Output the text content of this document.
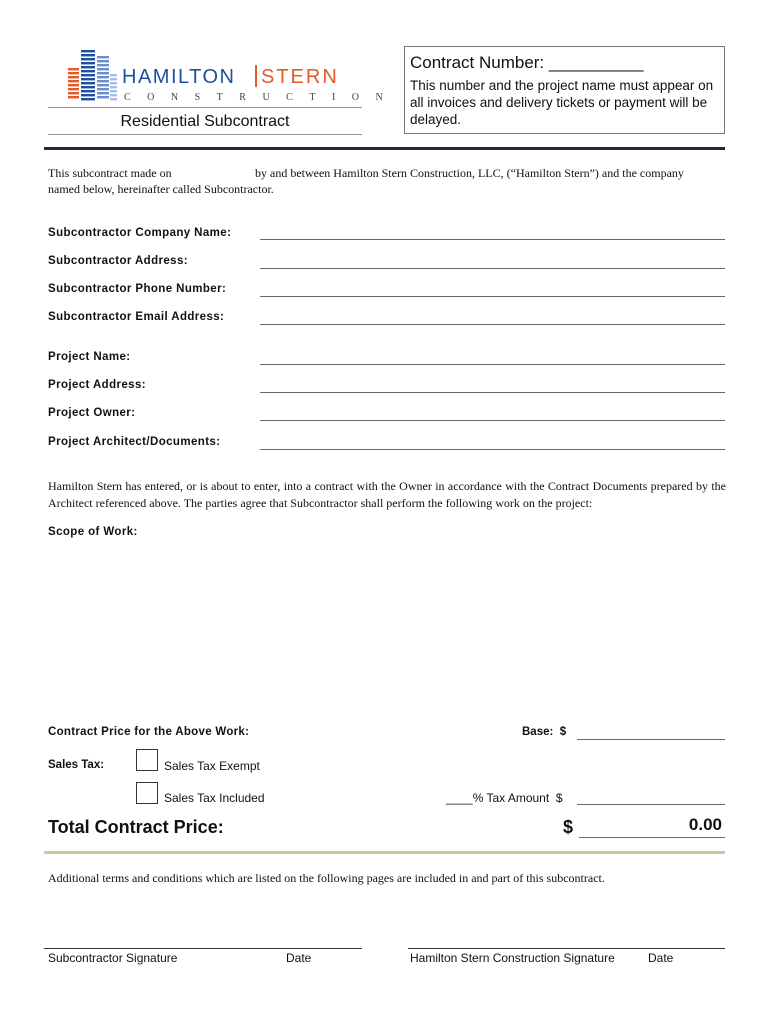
HAMILTON STERN
CONSTRUCTION
Residential Subcontract
Contract Number: __________
This number and the project name must appear on all invoices and delivery tickets or payment will be delayed.
This subcontract made on	by and between Hamilton Stern Construction, LLC, (“Hamilton Stern”) and the company
named below, hereinafter called Subcontractor.
Subcontractor Company Name:
Subcontractor Address:
Subcontractor Phone Number:
Subcontractor Email Address:
Project Name:
Project Address:
Project Owner:
Project Architect/Documents:
Hamilton Stern has entered, or is about to enter, into a contract with the Owner in accordance with the Contract Documents prepared by the Architect referenced above. The parties agree that Subcontractor shall perform the following work on the project:
Scope of Work:
Contract Price for the Above Work:	Base: $
Sales Tax:	Sales Tax Exempt
Sales Tax Included	____% Tax Amount $
Total Contract Price:	$	0.00
Additional terms and conditions which are listed on the following pages are included in and part of this subcontract.
Subcontractor Signature	Date	Hamilton Stern Construction Signature	Date
